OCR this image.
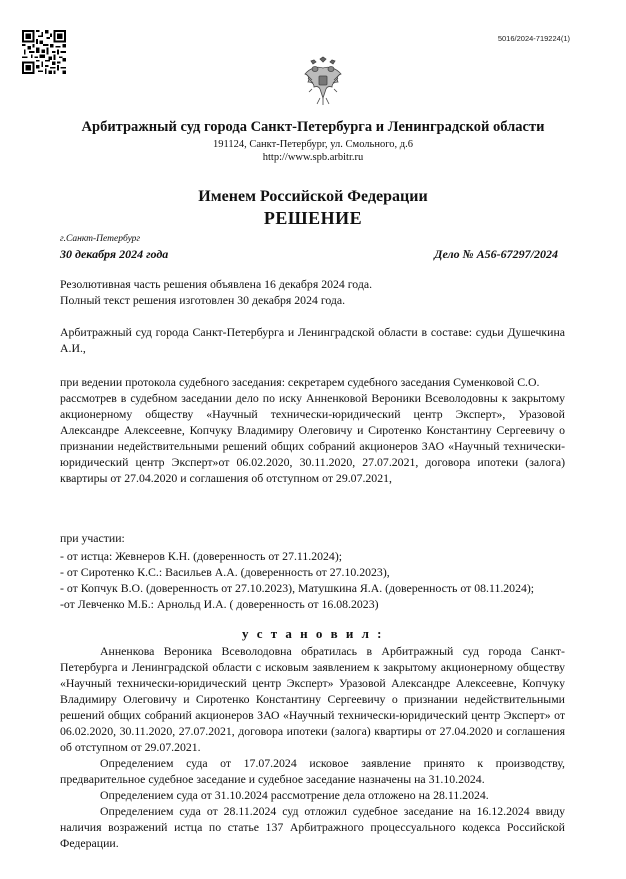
5016/2024-719224(1)
Арбитражный суд города Санкт-Петербурга и Ленинградской области
191124, Санкт-Петербург, ул. Смольного, д.6
http://www.spb.arbitr.ru
Именем Российской Федерации
РЕШЕНИЕ
г.Санкт-Петербург
30 декабря 2024 года	Дело № А56-67297/2024

Резолютивная часть решения объявлена 16 декабря 2024 года.

Полный текст решения изготовлен 30 декабря 2024 года.

Арбитражный суд города Санкт-Петербурга и Ленинградской области в составе: судьи Душечкина А.И.,

при ведении протокола судебного заседания: секретарем судебного заседания Суменковой С.О.

рассмотрев в судебном заседании дело по иску Анненковой Вероники Всеволодовны к закрытому акционерному обществу «Научный технически-юридический центр Эксперт», Уразовой Александре Алексеевне, Копчуку Владимиру Олеговичу и Сиротенко Константину Сергеевичу о признании недействительными решений общих собраний акционеров ЗАО «Научный технически-юридический центр Эксперт»от 06.02.2020, 30.11.2020, 27.07.2021, договора ипотеки (залога) квартиры от 27.04.2020 и соглашения об отступном от 29.07.2021,

при участии:

- от истца: Жевнеров К.Н. (доверенность от 27.11.2024);

- от Сиротенко К.С.: Васильев А.А. (доверенность от 27.10.2023),

- от Копчук В.О. (доверенность от 27.10.2023), Матушкина Я.А. (доверенность от 08.11.2024);

-от Левченко М.Б.: Арнольд И.А. ( доверенность от 16.08.2023)

у с т а н о в и л :

Анненкова Вероника Всеволодовна обратилась в Арбитражный суд города Санкт- Петербурга и Ленинградской области с исковым заявлением к закрытому акционерному обществу «Научный технически-юридический центр Эксперт» Уразовой Александре Алексеевне, Копчуку Владимиру Олеговичу и Сиротенко Константину Сергеевичу о признании недействительными решений общих собраний акционеров ЗАО «Научный технически-юридический центр Эксперт» от 06.02.2020, 30.11.2020, 27.07.2021, договора ипотеки (залога) квартиры от 27.04.2020 и соглашения об отступном от 29.07.2021.

Определением суда от 17.07.2024 исковое заявление принято к производству, предварительное судебное заседание и судебное заседание назначены на 31.10.2024.

Определением суда от 31.10.2024 рассмотрение дела отложено на 28.11.2024.

Определением суда от 28.11.2024 суд отложил судебное заседание на 16.12.2024 ввиду наличия возражений истца по статье 137 Арбитражного процессуального кодекса Российской Федерации.
